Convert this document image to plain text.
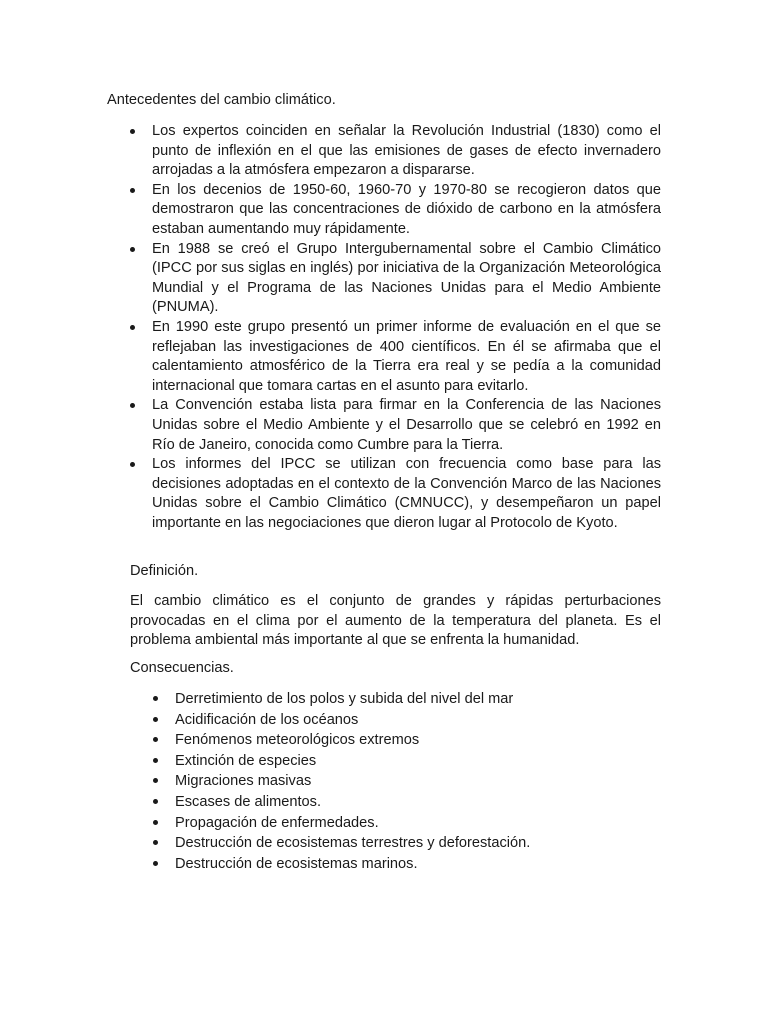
Antecedentes del cambio climático.
Los expertos coinciden en señalar la Revolución Industrial (1830) como el punto de inflexión en el que las emisiones de gases de efecto invernadero arrojadas a la atmósfera empezaron a dispararse.
En los decenios de 1950-60, 1960-70 y 1970-80 se recogieron datos que demostraron que las concentraciones de dióxido de carbono en la atmósfera estaban aumentando muy rápidamente.
En 1988 se creó el Grupo Intergubernamental sobre el Cambio Climático (IPCC por sus siglas en inglés) por iniciativa de la Organización Meteorológica Mundial y el Programa de las Naciones Unidas para el Medio Ambiente (PNUMA).
En 1990 este grupo presentó un primer informe de evaluación en el que se reflejaban las investigaciones de 400 científicos. En él se afirmaba que el calentamiento atmosférico de la Tierra era real y se pedía a la comunidad internacional que tomara cartas en el asunto para evitarlo.
La Convención estaba lista para firmar en la Conferencia de las Naciones Unidas sobre el Medio Ambiente y el Desarrollo que se celebró en 1992 en Río de Janeiro, conocida como Cumbre para la Tierra.
Los informes del IPCC se utilizan con frecuencia como base para las decisiones adoptadas en el contexto de la Convención Marco de las Naciones Unidas sobre el Cambio Climático (CMNUCC), y desempeñaron un papel importante en las negociaciones que dieron lugar al Protocolo de Kyoto.
Definición.

El cambio climático es el conjunto de grandes y rápidas perturbaciones provocadas en el clima por el aumento de la temperatura del planeta. Es el problema ambiental más importante al que se enfrenta la humanidad.

Consecuencias.
Derretimiento de los polos y subida del nivel del mar
Acidificación de los océanos
Fenómenos meteorológicos extremos
Extinción de especies
Migraciones masivas
Escases de alimentos.
Propagación de enfermedades.
Destrucción de ecosistemas terrestres y deforestación.
Destrucción de ecosistemas marinos.
